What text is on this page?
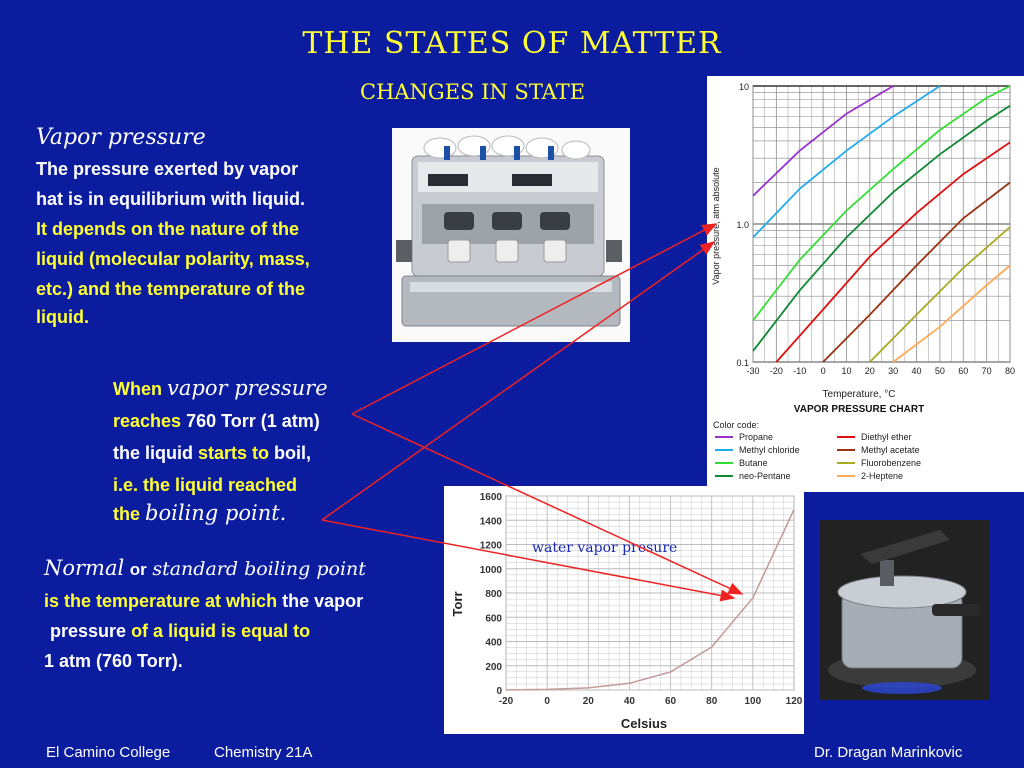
THE STATES OF MATTER
CHANGES IN STATE
Vapor pressure
The pressure exerted by vapor
hat is in equilibrium with liquid.
It depends on the nature of the
liquid (molecular polarity, mass,
etc.) and the temperature of the
liquid.
Vapor pressure, atm absolute
10
1.0
0.1
-30 -20 -10 0 10 20 30 40 50 60 70 80
Temperature, °C
VAPOR PRESSURE CHART
Color code:
Propane
Methyl chloride
Butane
neo-Pentane
Diethyl ether
Methyl acetate
Fluorobenzene
2-Heptene
When vapor pressure
reaches 760 Torr (1 atm)
the liquid starts to boil,
i.e. the liquid reached
the boiling point.
Normal or standard boiling point
is the temperature at which the vapor
pressure of a liquid is equal to
1 atm (760 Torr).
1600
1400
1200
1000
800
600
400
200
0
-20	0	20	40	60	80	100 120
Torr
Celsius
water vapor presure
El Camino College	Chemistry 21A	Dr. Dragan Marinkovic
